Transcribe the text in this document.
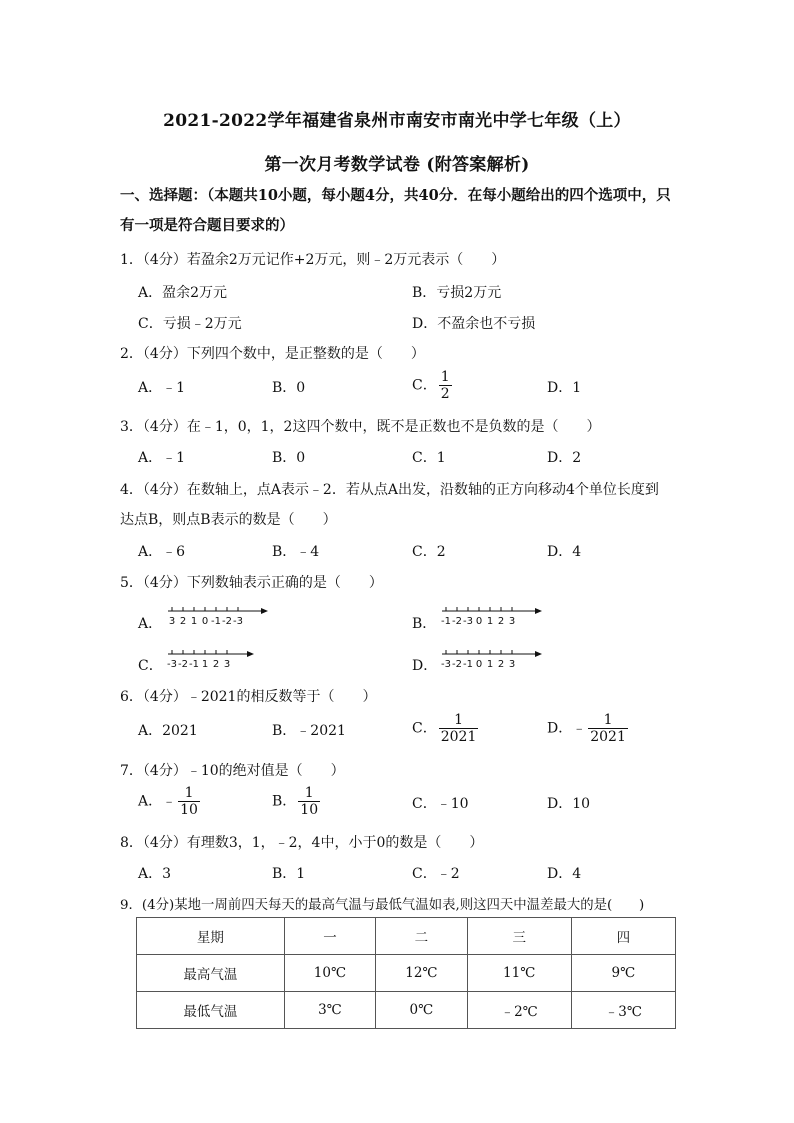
2021-2022学年福建省泉州市南安市南光中学七年级（上）
第一次月考数学试卷 (附答案解析)
一、选择题：（本题共10小题，每小题4分，共40分．在每小题给出的四个选项中，只有一项是符合题目要求的）
1．（4分）若盈余2万元记作+2万元，则﹣2万元表示（　　）
A．盈余2万元	B．亏损2万元
C．亏损﹣2万元	D．不盈余也不亏损
2．（4分）下列四个数中，是正整数的是（　　）
A．﹣1	B．0	C． $\frac{1}{2}$	D．1
3．（4分）在﹣1，0，1，2这四个数中，既不是正数也不是负数的是（　　）
A．﹣1	B．0	C．1	D．2
4．（4分）在数轴上，点A表示﹣2．若从点A出发，沿数轴的正方向移动4个单位长度到
达点B，则点B表示的数是（　　）
A．﹣6	B．﹣4	C．2	D．4
5．（4分）下列数轴表示正确的是（　　）
A．	B．
C．	D．
3 2 1 0 -1 -2 -3	-1 -2 -3 0 1 2 3
-3 -2 -1 1 2 3	-3 -2 -1 0 1 2 3
6．（4分）﹣2021的相反数等于（　　）
A．2021	B．﹣2021	C． $\frac{1}{2021}$	D．﹣ $\frac{1}{2021}$
7．（4分）﹣10的绝对值是（　　）
A．﹣ $\frac{1}{10}$	B． $\frac{1}{10}$	C．﹣10	D．10
8．（4分）有理数3，1，﹣2，4中，小于0的数是（　　）
A．3	B．1	C．﹣2	D．4
9．(4分)某地一周前四天每天的最高气温与最低气温如表,则这四天中温差最大的是(　　)
星期	一	二	三	四
最高气温	10℃	12℃	11℃	9℃
最低气温	3℃	0℃	﹣2℃	﹣3℃
